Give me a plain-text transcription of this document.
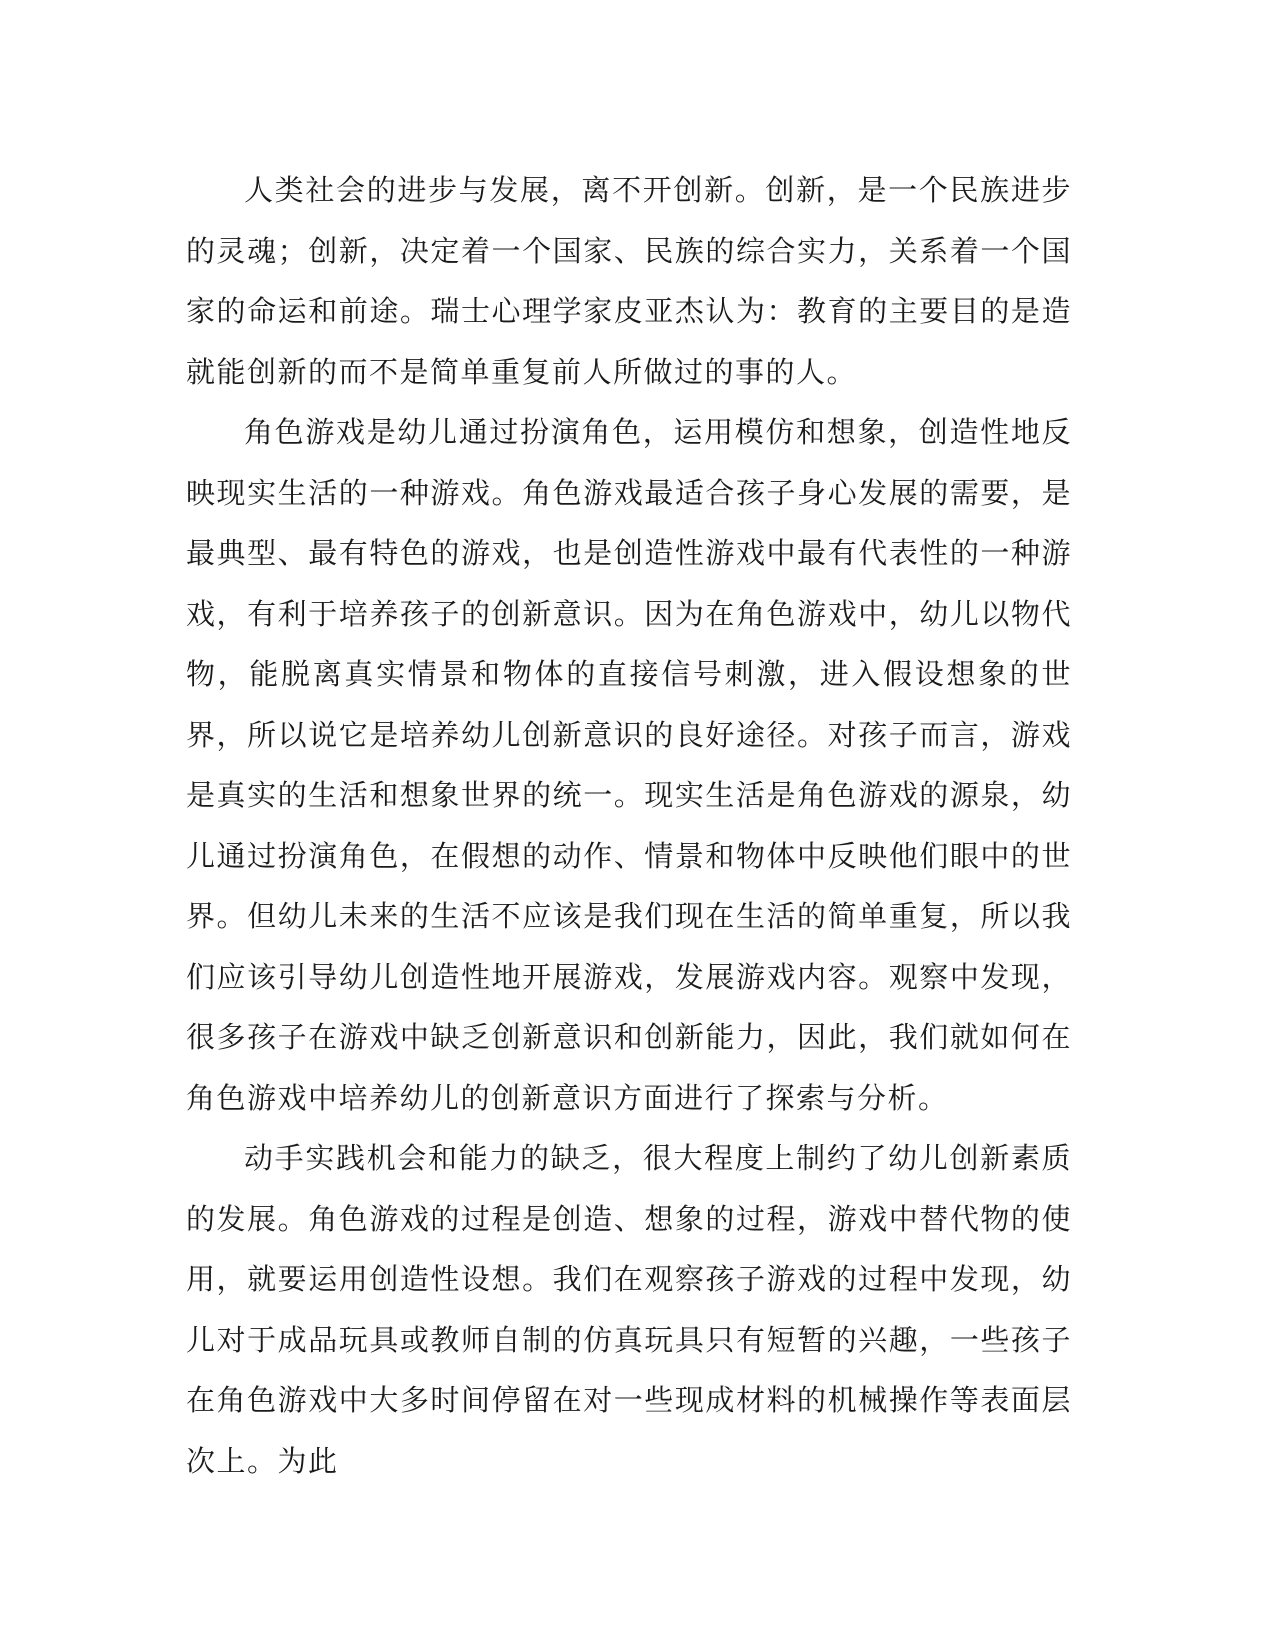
人类社会的进步与发展，离不开创新。创新，是一个民族进步的灵魂；创新，决定着一个国家、民族的综合实力，关系着一个国家的命运和前途。瑞士心理学家皮亚杰认为：教育的主要目的是造就能创新的而不是简单重复前人所做过的事的人。

角色游戏是幼儿通过扮演角色，运用模仿和想象，创造性地反映现实生活的一种游戏。角色游戏最适合孩子身心发展的需要，是最典型、最有特色的游戏，也是创造性游戏中最有代表性的一种游戏，有利于培养孩子的创新意识。因为在角色游戏中，幼儿以物代物，能脱离真实情景和物体的直接信号刺激，进入假设想象的世界，所以说它是培养幼儿创新意识的良好途径。对孩子而言，游戏是真实的生活和想象世界的统一。现实生活是角色游戏的源泉，幼儿通过扮演角色，在假想的动作、情景和物体中反映他们眼中的世界。但幼儿未来的生活不应该是我们现在生活的简单重复，所以我们应该引导幼儿创造性地开展游戏，发展游戏内容。观察中发现，很多孩子在游戏中缺乏创新意识和创新能力，因此，我们就如何在角色游戏中培养幼儿的创新意识方面进行了探索与分析。

动手实践机会和能力的缺乏，很大程度上制约了幼儿创新素质的发展。角色游戏的过程是创造、想象的过程，游戏中替代物的使用，就要运用创造性设想。我们在观察孩子游戏的过程中发现，幼儿对于成品玩具或教师自制的仿真玩具只有短暂的兴趣，一些孩子在角色游戏中大多时间停留在对一些现成材料的机械操作等表面层次上。为此
